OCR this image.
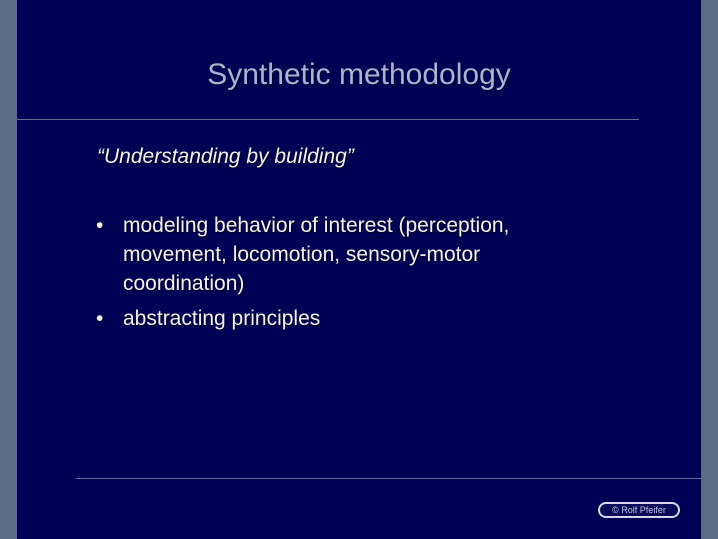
Synthetic methodology
“Understanding by building”
• modeling behavior of interest (perception, movement, locomotion, sensory-motor coordination)
• abstracting principles
© Rolf Pfeifer
